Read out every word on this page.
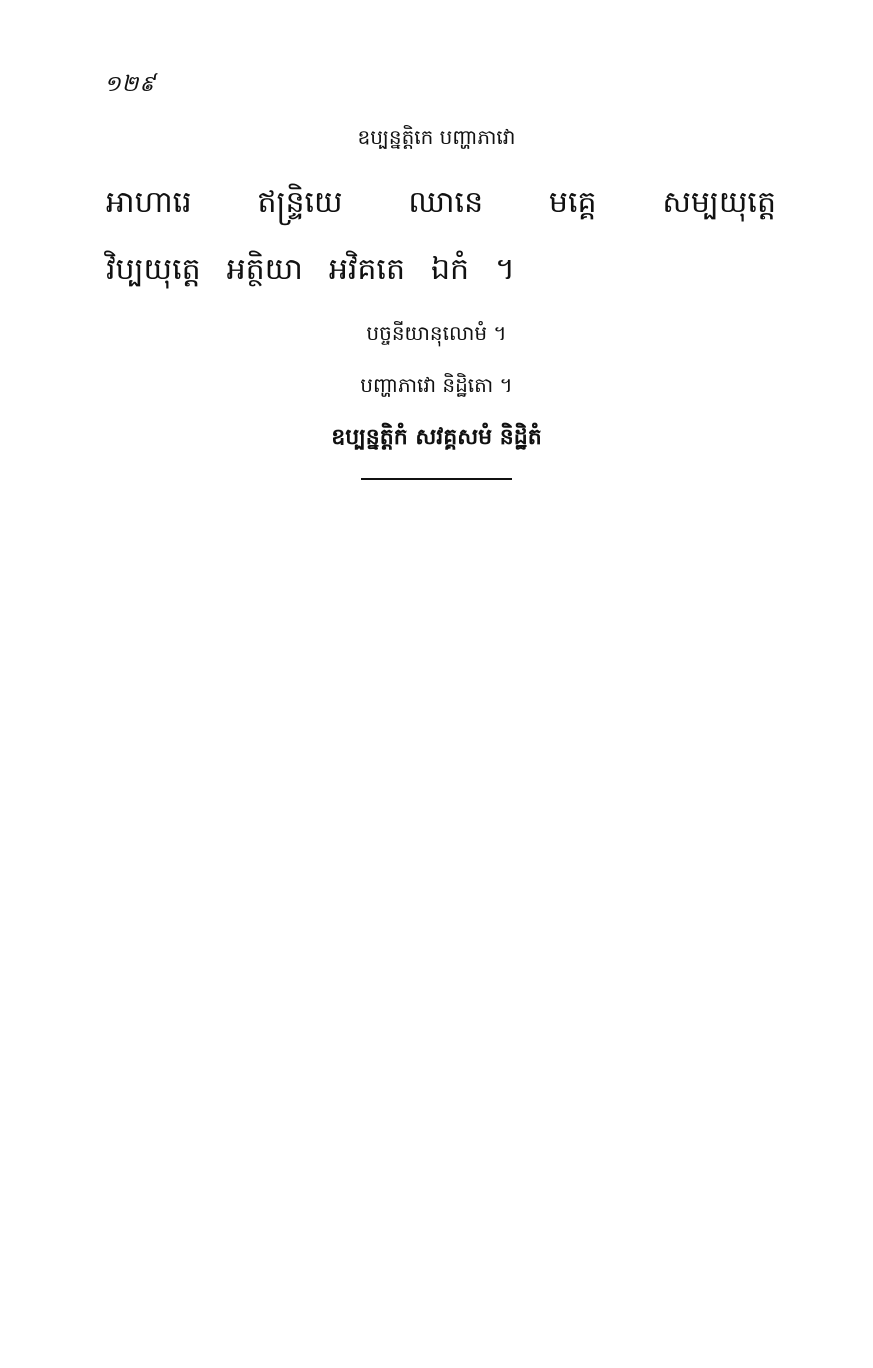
១២៩
ឧប្បន្នត្តិកេ បញ្ហាភាវោ
អាហារេ ឥន្ទ្រិយេ ឈានេ មគ្គេ សម្បយុត្តេ
វិប្បយុត្តេ អត្ថិយា អវិគតេ ឯកំ ។
បច្ចនីយានុលោមំ ។
បញ្ហាភាវោ និដ្ឋិតោ ។
ឧប្បន្នត្តិកំ សវគ្គសមំ និដ្ឋិតំ
